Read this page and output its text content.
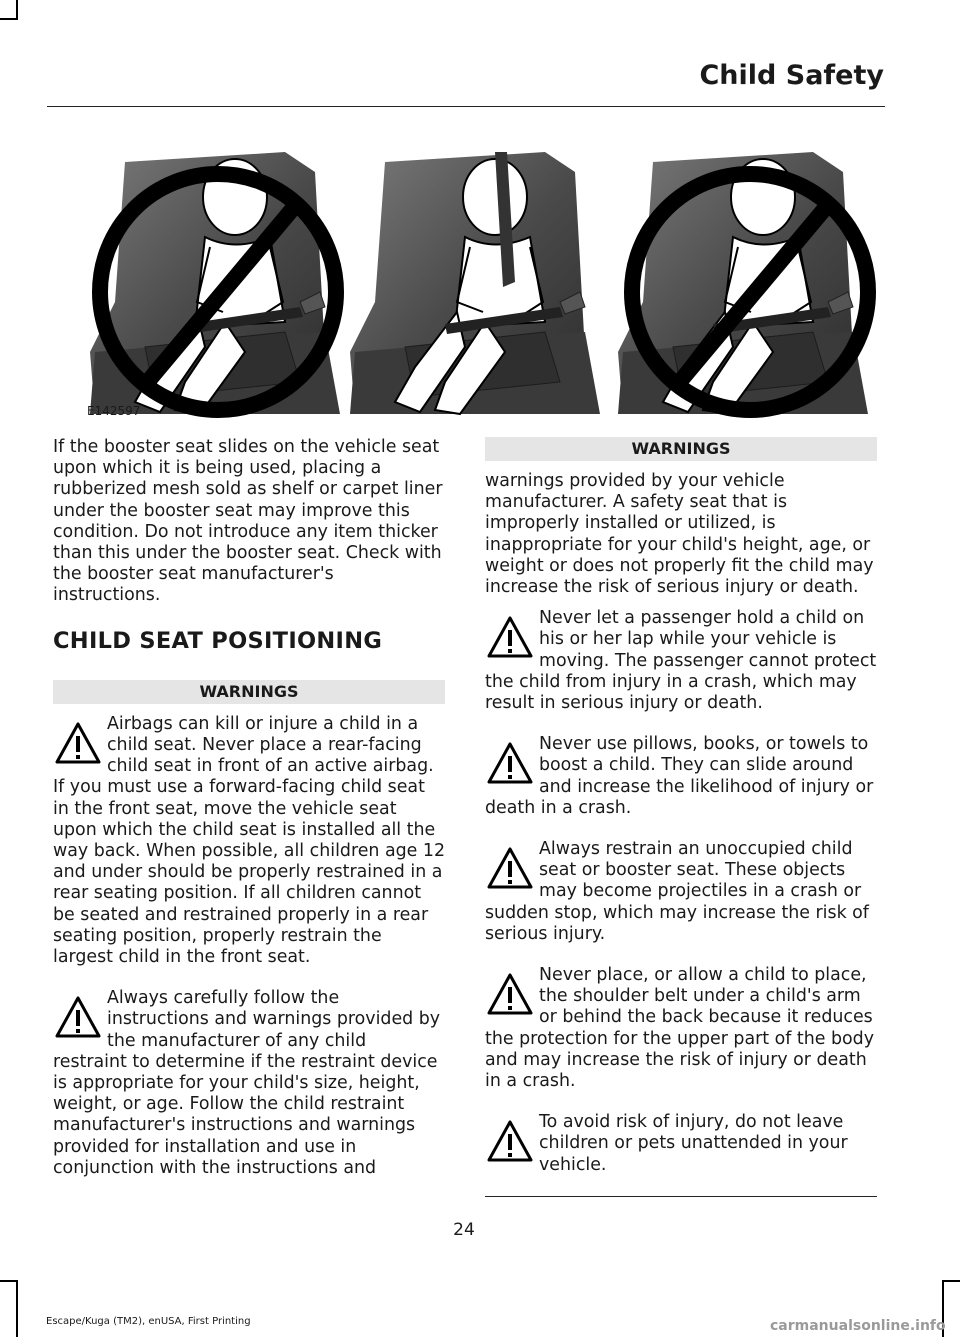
Child Safety
E142597

If the booster seat slides on the vehicle seat upon which it is being used, placing a rubberized mesh sold as shelf or carpet liner under the booster seat may improve this condition. Do not introduce any item thicker than this under the booster seat. Check with the booster seat manufacturer's instructions.

CHILD SEAT POSITIONING
WARNINGS
Airbags can kill or injure a child in a child seat. Never place a rear-facing child seat in front of an active airbag. If you must use a forward-facing child seat in the front seat, move the vehicle seat upon which the child seat is installed all the way back. When possible, all children age 12 and under should be properly restrained in a rear seating position. If all children cannot be seated and restrained properly in a rear seating position, properly restrain the largest child in the front seat.
Always carefully follow the instructions and warnings provided by the manufacturer of any child restraint to determine if the restraint device is appropriate for your child's size, height, weight, or age. Follow the child restraint manufacturer's instructions and warnings provided for installation and use in conjunction with the instructions and
WARNINGS

warnings provided by your vehicle manufacturer. A safety seat that is improperly installed or utilized, is inappropriate for your child's height, age, or weight or does not properly fit the child may increase the risk of serious injury or death.

Never let a passenger hold a child on his or her lap while your vehicle is moving. The passenger cannot protect the child from injury in a crash, which may result in serious injury or death.
Never use pillows, books, or towels to boost a child. They can slide around and increase the likelihood of injury or death in a crash.
Always restrain an unoccupied child seat or booster seat. These objects may become projectiles in a crash or sudden stop, which may increase the risk of serious injury.
Never place, or allow a child to place, the shoulder belt under a child's arm or behind the back because it reduces the protection for the upper part of the body and may increase the risk of injury or death in a crash.
To avoid risk of injury, do not leave children or pets unattended in your vehicle.
24
Escape/Kuga (TM2), enUSA, First Printing	carmanualsonline.info
